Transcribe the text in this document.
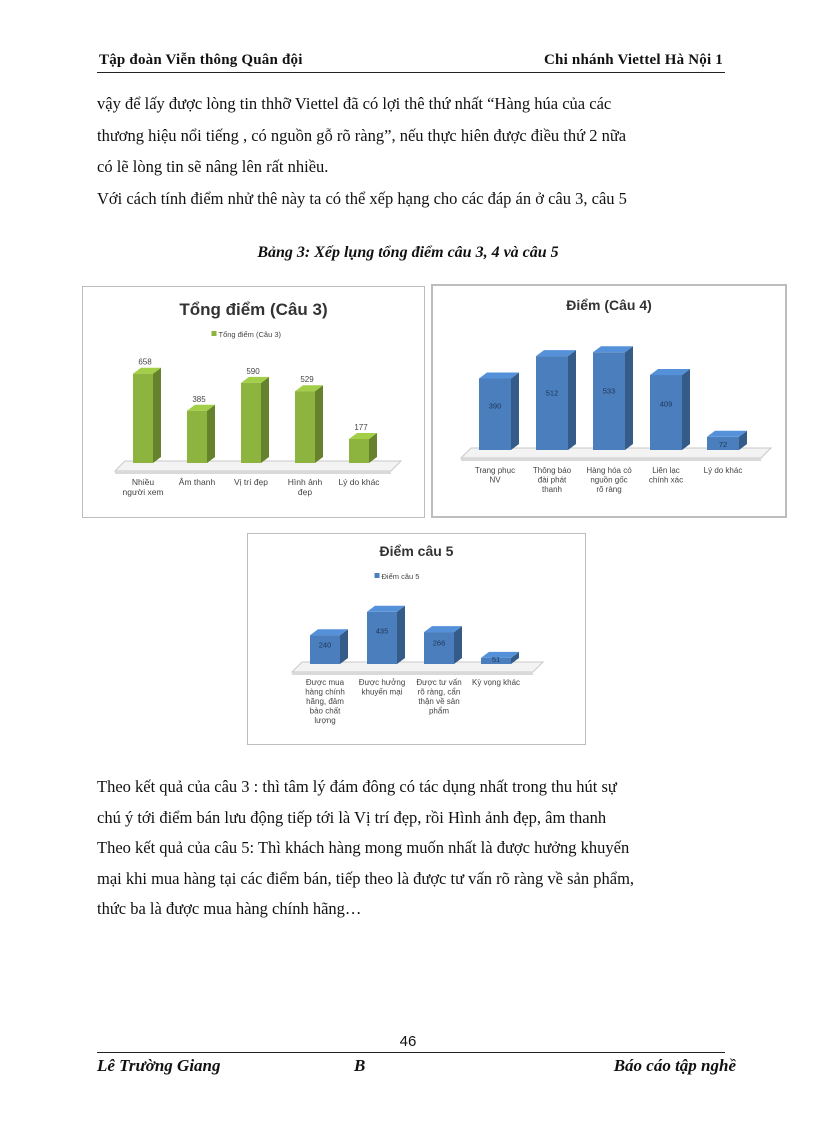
Tập đoàn Viễn thông Quân đội	Chi nhánh Viettel Hà Nội 1
vậy để lấy được lòng tin thhỡ Viettel đã có lợi thê thứ nhất “Hàng húa của các
thương hiệu nổi tiếng , có nguồn gỗ rõ ràng”, nếu thực hiên được điều thứ 2 nữa
có lẽ lòng tin sẽ nâng lên rất nhiều.
Với cách tính điểm nhử thê này ta có thể xếp hạng cho các đáp án ở câu 3, câu 5
Bảng 3: Xếp lụng tổng điểm câu 3, 4 và câu 5
Tổng điểm (Câu 3)
Tổng điểm (Câu 3)
658
Nhiều
người xem
385
Âm thanh
590
Vị trí đẹp
529
Hình ảnh
đẹp
177
Lý do khác
Điểm (Câu 4)
390
Trang phục
NV
512
Thông báo
đài phát
thanh
533
Hàng hóa có
nguồn gốc
rõ ràng
409
Liên lạc
chính xác
72
Lý do khác
Điểm câu 5
Điểm câu 5
240
Được mua
hàng chính
hãng, đảm
bảo chất
lượng
435
Được hưởng
khuyến mại
266
Được tư vấn
rõ ràng, cẩn
thận về sản
phẩm
51
Kỳ vọng khác
Theo kết quả của câu 3 : thì tâm lý đám đông có tác dụng nhất trong thu hút sự
chú ý tới điểm bán lưu động tiếp tới là Vị trí đẹp, rồi Hình ảnh đẹp, âm thanh
Theo kết quả của câu 5: Thì khách hàng mong muốn nhất là được hưởng khuyến
mại khi mua hàng tại các điểm bán, tiếp theo là được tư vấn rõ ràng về sản phẩm,
thức ba là được mua hàng chính hãng…
46
Lê Trường Giang	B	Báo cáo tập nghề
